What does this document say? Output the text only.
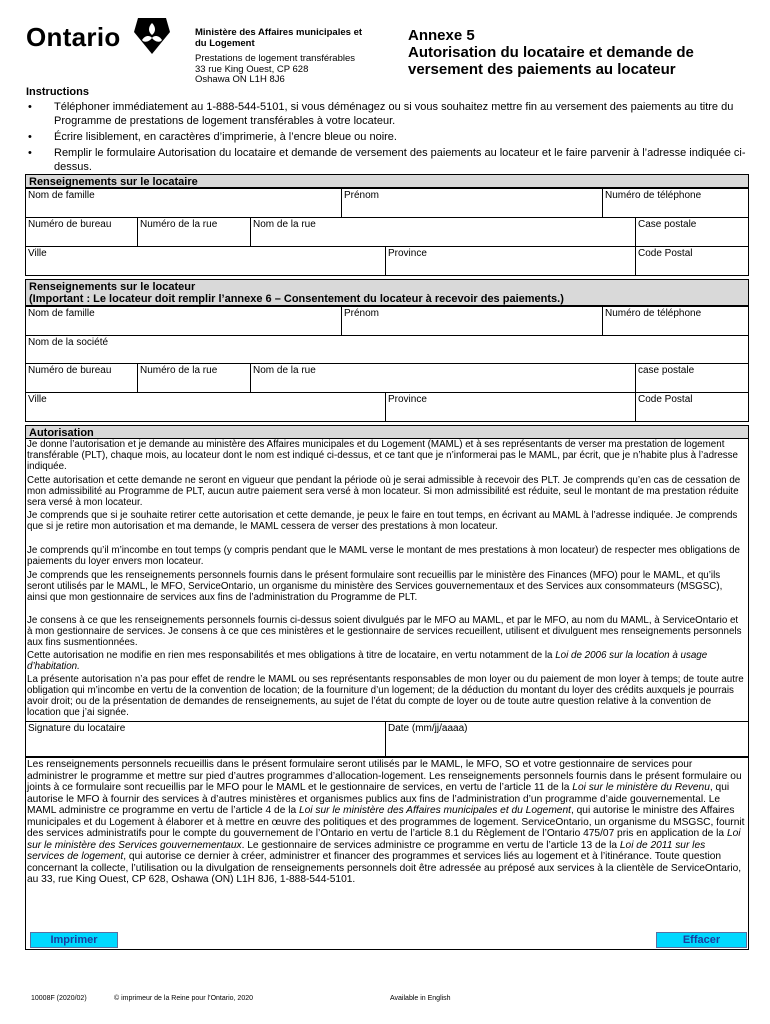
Ontario	Ministère des Affaires municipales et
du Logement
Prestations de logement transférables
33 rue King Ouest, CP 628
Oshawa ON L1H 8J6
Annexe 5
Autorisation du locataire et demande de
versement des paiements au locateur
Instructions
• Téléphoner immédiatement au 1-888-544-5101, si vous déménagez ou si vous souhaitez mettre fin au versement des paiements au titre du Programme de prestations de logement transférables à votre locateur.
• Écrire lisiblement, en caractères d’imprimerie, à l’encre bleue ou noire.
• Remplir le formulaire Autorisation du locataire et demande de versement des paiements au locateur et le faire parvenir à l’adresse indiquée ci-dessus.
Renseignements sur le locataire
Nom de famille	Prénom	Numéro de téléphone
Numéro de bureau	Numéro de la rue	Nom de la rue	Case postale
Ville	Province	Code Postal
Renseignements sur le locateur
(Important : Le locateur doit remplir l’annexe 6 – Consentement du locateur à recevoir des paiements.)
Nom de famille	Prénom	Numéro de téléphone
Nom de la société
Numéro de bureau	Numéro de la rue	Nom de la rue	case postale
Ville	Province	Code Postal
Autorisation
Je donne l’autorisation et je demande au ministère des Affaires municipales et du Logement (MAML) et à ses représentants de verser ma prestation de logement transférable (PLT), chaque mois, au locateur dont le nom est indiqué ci-dessus, et ce tant que je n’informerai pas le MAML, par écrit, que je n’habite plus à l’adresse indiquée.
Cette autorisation et cette demande ne seront en vigueur que pendant la période où je serai admissible à recevoir des PLT. Je comprends qu’en cas de cessation de mon admissibilité au Programme de PLT, aucun autre paiement sera versé à mon locateur. Si mon admissibilité est réduite, seul le montant de ma prestation réduite sera versé à mon locateur.
Je comprends que si je souhaite retirer cette autorisation et cette demande, je peux le faire en tout temps, en écrivant au MAML à l’adresse indiquée. Je comprends que si je retire mon autorisation et ma demande, le MAML cessera de verser des prestations à mon locateur.
Je comprends qu’il m’incombe en tout temps (y compris pendant que le MAML verse le montant de mes prestations à mon locateur) de respecter mes obligations de paiements du loyer envers mon locateur.
Je comprends que les renseignements personnels fournis dans le présent formulaire sont recueillis par le ministère des Finances (MFO) pour le MAML, et qu’ils seront utilisés par le MAML, le MFO, ServiceOntario, un organisme du ministère des Services gouvernementaux et des Services aux consommateurs (MSGSC), ainsi que mon gestionnaire de services aux fins de l’administration du Programme de PLT.
Je consens à ce que les renseignements personnels fournis ci-dessus soient divulgués par le MFO au MAML, et par le MFO, au nom du MAML, à ServiceOntario et à mon gestionnaire de services. Je consens à ce que ces ministères et le gestionnaire de services recueillent, utilisent et divulguent mes renseignements personnels aux fins susmentionnées.
Cette autorisation ne modifie en rien mes responsabilités et mes obligations à titre de locataire, en vertu notamment de la Loi de 2006 sur la location à usage d’habitation.
La présente autorisation n’a pas pour effet de rendre le MAML ou ses représentants responsables de mon loyer ou du paiement de mon loyer à temps; de toute autre obligation qui m’incombe en vertu de la convention de location; de la fourniture d’un logement; de la déduction du montant du loyer des crédits auxquels je pourrais avoir droit; ou de la présentation de demandes de renseignements, au sujet de l’état du compte de loyer ou de toute autre question relative à la convention de location que j’ai signée.
Signature du locataire	Date (mm/jj/aaaa)
Les renseignements personnels recueillis dans le présent formulaire seront utilisés par le MAML, le MFO, SO et votre gestionnaire de services pour administrer le programme et mettre sur pied d’autres programmes d’allocation-logement. Les renseignements personnels fournis dans le présent formulaire ou joints à ce formulaire sont recueillis par le MFO pour le MAML et le gestionnaire de services, en vertu de l’article 11 de la Loi sur le ministère du Revenu, qui autorise le MFO à fournir des services à d’autres ministères et organismes publics aux fins de l’administration d’un programme d’aide gouvernemental. Le MAML administre ce programme en vertu de l’article 4 de la Loi sur le ministère des Affaires municipales et du Logement, qui autorise le ministre des Affaires municipales et du Logement à élaborer et à mettre en œuvre des politiques et des programmes de logement. ServiceOntario, un organisme du MSGSC, fournit des services administratifs pour le compte du gouvernement de l’Ontario en vertu de l’article 8.1 du Règlement de l’Ontario 475/07 pris en application de la Loi sur le ministère des Services gouvernementaux. Le gestionnaire de services administre ce programme en vertu de l’article 13 de la Loi de 2011 sur les services de logement, qui autorise ce dernier à créer, administrer et financer des programmes et services liés au logement et à l’itinérance. Toute question concernant la collecte, l’utilisation ou la divulgation de renseignements personnels doit être adressée au préposé aux services à la clientèle de ServiceOntario, au 33, rue King Ouest, CP 628, Oshawa (ON) L1H 8J6, 1-888-544-5101.
Imprimer	Effacer
10008F (2020/02)	© imprimeur de la Reine pour l’Ontario, 2020	Available in English
